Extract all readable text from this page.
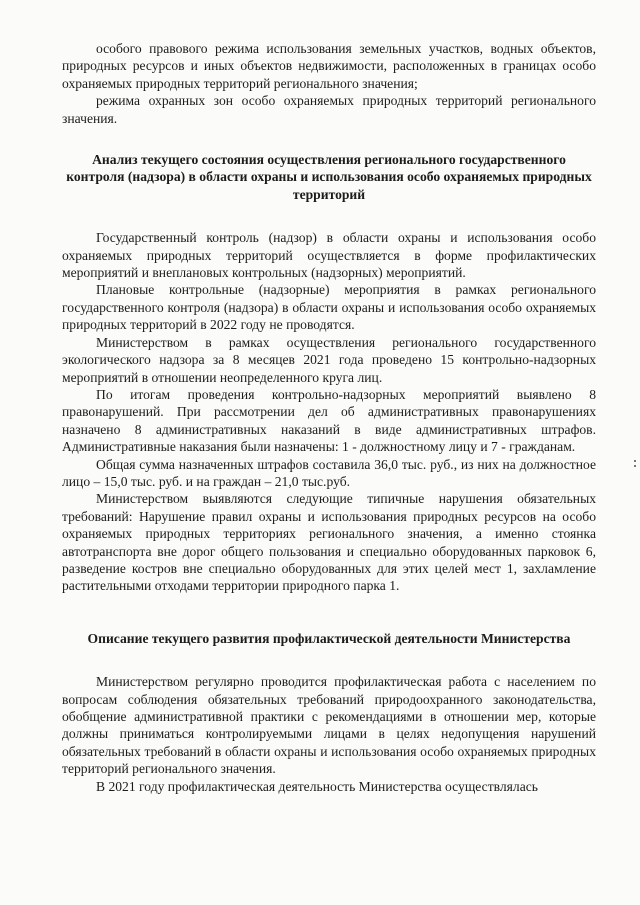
особого правового режима использования земельных участков, водных объектов, природных ресурсов и иных объектов недвижимости, расположенных в границах особо охраняемых природных территорий регионального значения;

режима охранных зон особо охраняемых природных территорий регионального значения.

Анализ текущего состояния осуществления регионального государственного контроля (надзора) в области охраны и использования особо охраняемых природных территорий

Государственный контроль (надзор) в области охраны и использования особо охраняемых природных территорий осуществляется в форме профилактических мероприятий и внеплановых контрольных (надзорных) мероприятий.

Плановые контрольные (надзорные) мероприятия в рамках регионального государственного контроля (надзора) в области охраны и использования особо охраняемых природных территорий в 2022 году не проводятся.

Министерством в рамках осуществления регионального государственного экологического надзора за 8 месяцев 2021 года проведено 15 контрольно-надзорных мероприятий в отношении неопределенного круга лиц.

По итогам проведения контрольно-надзорных мероприятий выявлено 8 правонарушений. При рассмотрении дел об административных правонарушениях назначено 8 административных наказаний в виде административных штрафов. Административные наказания были назначены: 1 - должностному лицу и 7 - гражданам.

Общая сумма назначенных штрафов составила 36,0 тыс. руб., из них на должностное лицо – 15,0 тыс. руб. и на граждан – 21,0 тыс.руб.

Министерством выявляются следующие типичные нарушения обязательных требований: Нарушение правил охраны и использования природных ресурсов на особо охраняемых природных территориях регионального значения, а именно стоянка автотранспорта вне дорог общего пользования и специально оборудованных парковок 6, разведение костров вне специально оборудованных для этих целей мест 1, захламление растительными отходами территории природного парка 1.

Описание текущего развития профилактической деятельности Министерства

Министерством регулярно проводится профилактическая работа с населением по вопросам соблюдения обязательных требований природоохранного законодательства, обобщение административной практики с рекомендациями в отношении мер, которые должны приниматься контролируемыми лицами в целях недопущения нарушений обязательных требований в области охраны и использования особо охраняемых природных территорий регионального значения.

В 2021 году профилактическая деятельность Министерства осуществлялась
